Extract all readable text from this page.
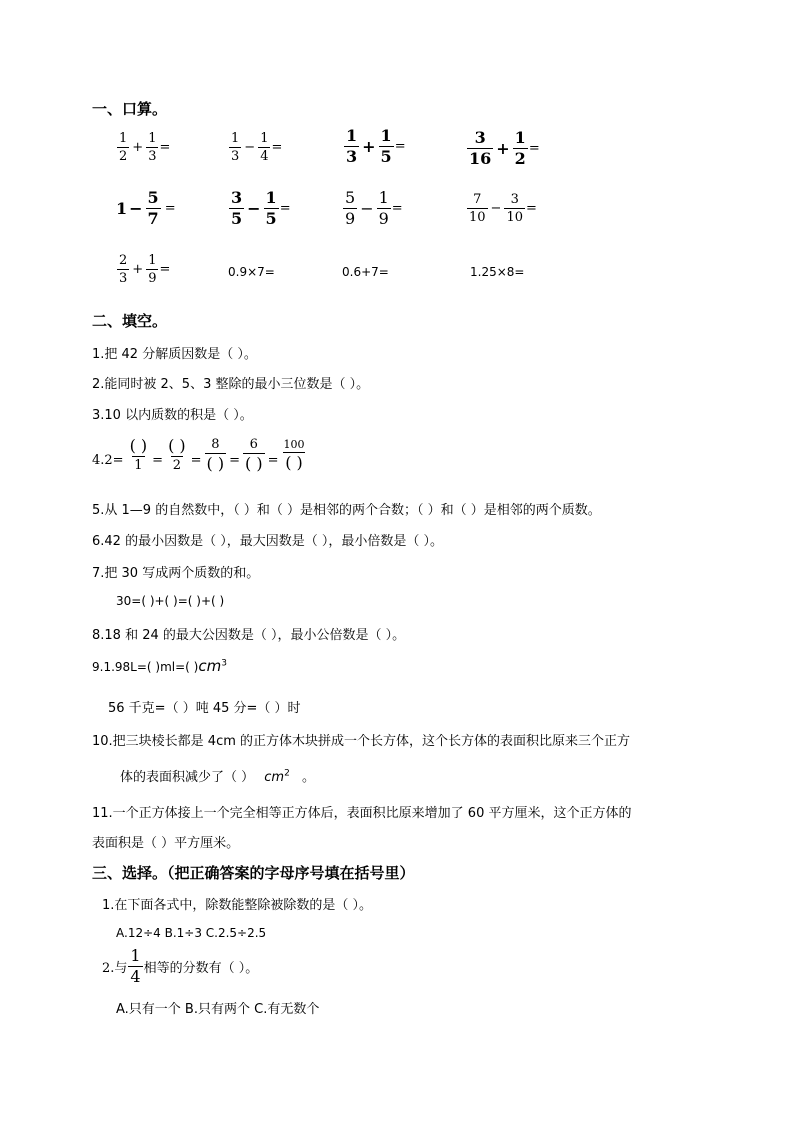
一、口算。
$\frac{1}{2} + \frac{1}{3}$ =	$\frac{1}{3} - \frac{1}{4}$ =	$\frac{1}{3} + \frac{1}{5}$ =	$\frac{3}{16} + \frac{1}{2}$ =
$1 - \frac{5}{7}$ =	$\frac{3}{5} - \frac{1}{5}$ =	$\frac{5}{9} - \frac{1}{9}$ =	$\frac{7}{10} - \frac{3}{10}$ =
$\frac{2}{3} + \frac{1}{9}$ =	0.9×7=	0.6+7=	1.25×8=
二、填空。
1.把 42 分解质因数是（ ）。
2.能同时被 2、5、3 整除的最小三位数是（ ）。
3.10 以内质数的积是（ ）。
$4.2= \frac{( )}{1} = \frac{( )}{2} = \frac{8}{( )} = \frac{6}{( )} = \frac{100}{( )}$
5.从 1—9 的自然数中，（ ）和（ ）是相邻的两个合数；（ ）和（ ）是相邻的两个质数。
6.42 的最小因数是（ ），最大因数是（ ），最小倍数是（ ）。
7.把 30 写成两个质数的和。
30=( )+( )=( )+( )
8.18 和 24 的最大公因数是（ ），最小公倍数是（ ）。
9.1.98L=( )ml=( )$cm^3$
56 千克=（ ）吨 45 分=（ ）时
10.把三块棱长都是 4cm 的正方体木块拼成一个长方体，这个长方体的表面积比原来三个正方
体的表面积减少了（ ） $cm^2$ 。
11.一个正方体接上一个完全相等正方体后，表面积比原来增加了 60 平方厘米，这个正方体的
表面积是（ ）平方厘米。
三、选择。（把正确答案的字母序号填在括号里）
1.在下面各式中，除数能整除被除数的是（ ）。
A.12÷4 B.1÷3 C.2.5÷2.5
2.与 $\frac{1}{4}$ 相等的分数有（ ）。
A.只有一个 B.只有两个 C.有无数个
